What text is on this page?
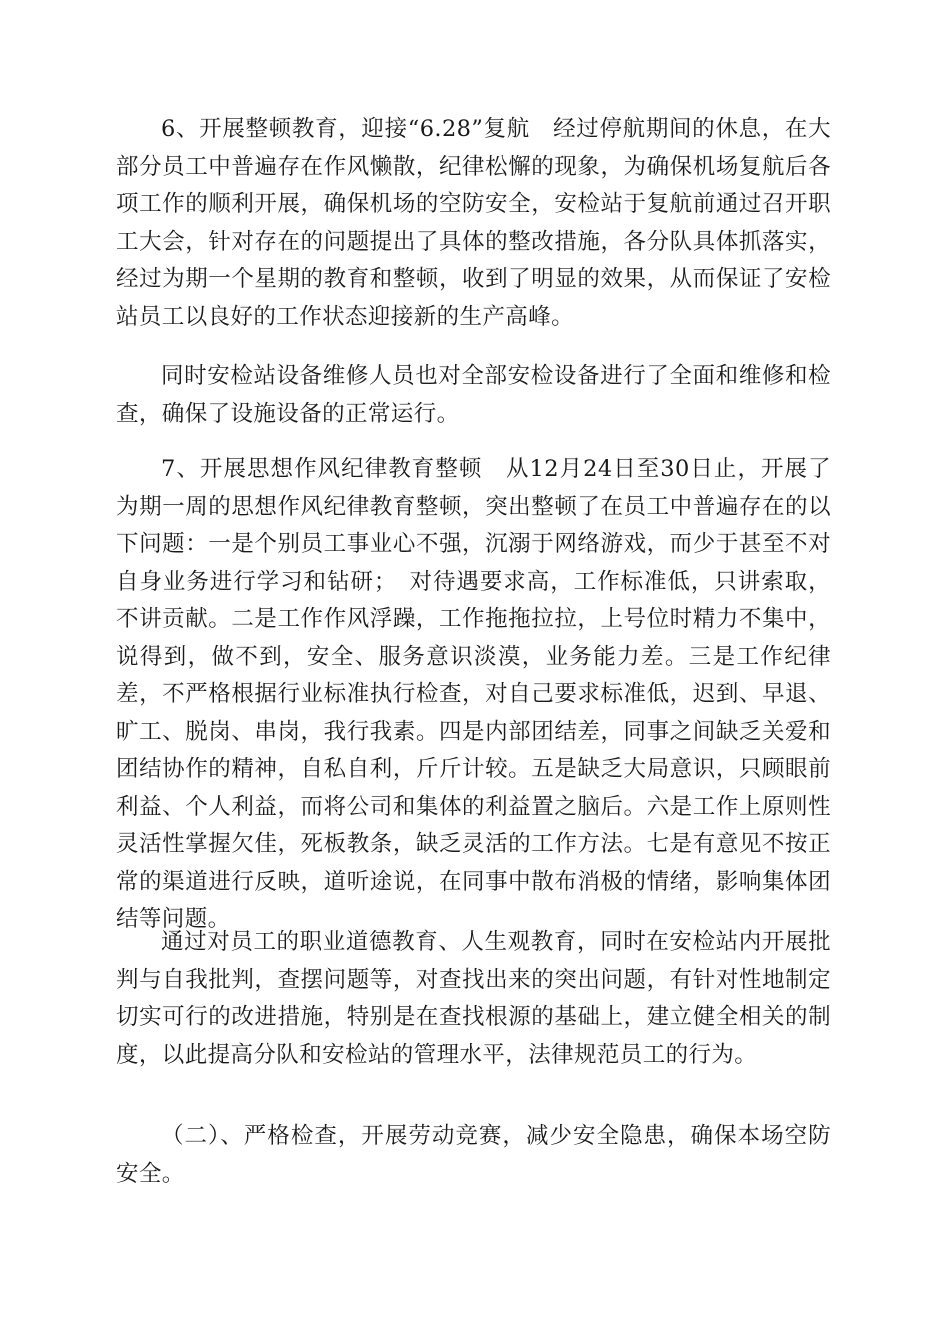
6、开展整顿教育，迎接“6.28”复航　经过停航期间的休息，在大部分员工中普遍存在作风懒散，纪律松懈的现象，为确保机场复航后各项工作的顺利开展，确保机场的空防安全，安检站于复航前通过召开职工大会，针对存在的问题提出了具体的整改措施，各分队具体抓落实，经过为期一个星期的教育和整顿，收到了明显的效果，从而保证了安检站员工以良好的工作状态迎接新的生产高峰。

同时安检站设备维修人员也对全部安检设备进行了全面和维修和检查，确保了设施设备的正常运行。

7、开展思想作风纪律教育整顿　从12月24日至30日止，开展了为期一周的思想作风纪律教育整顿，突出整顿了在员工中普遍存在的以下问题：一是个别员工事业心不强，沉溺于网络游戏，而少于甚至不对自身业务进行学习和钻研；　对待遇要求高，工作标准低，只讲索取，不讲贡献。二是工作作风浮躁，工作拖拖拉拉，上号位时精力不集中，说得到，做不到，安全、服务意识淡漠，业务能力差。三是工作纪律差，不严格根据行业标准执行检查，对自己要求标准低，迟到、早退、旷工、脱岗、串岗，我行我素。四是内部团结差，同事之间缺乏关爱和团结协作的精神，自私自利，斤斤计较。五是缺乏大局意识，只顾眼前利益、个人利益，而将公司和集体的利益置之脑后。六是工作上原则性灵活性掌握欠佳，死板教条，缺乏灵活的工作方法。七是有意见不按正常的渠道进行反映，道听途说，在同事中散布消极的情绪，影响集体团结等问题。

通过对员工的职业道德教育、人生观教育，同时在安检站内开展批判与自我批判，查摆问题等，对查找出来的突出问题，有针对性地制定切实可行的改进措施，特别是在查找根源的基础上，建立健全相关的制度，以此提高分队和安检站的管理水平，法律规范员工的行为。

（二）、严格检查，开展劳动竞赛，减少安全隐患，确保本场空防安全。
